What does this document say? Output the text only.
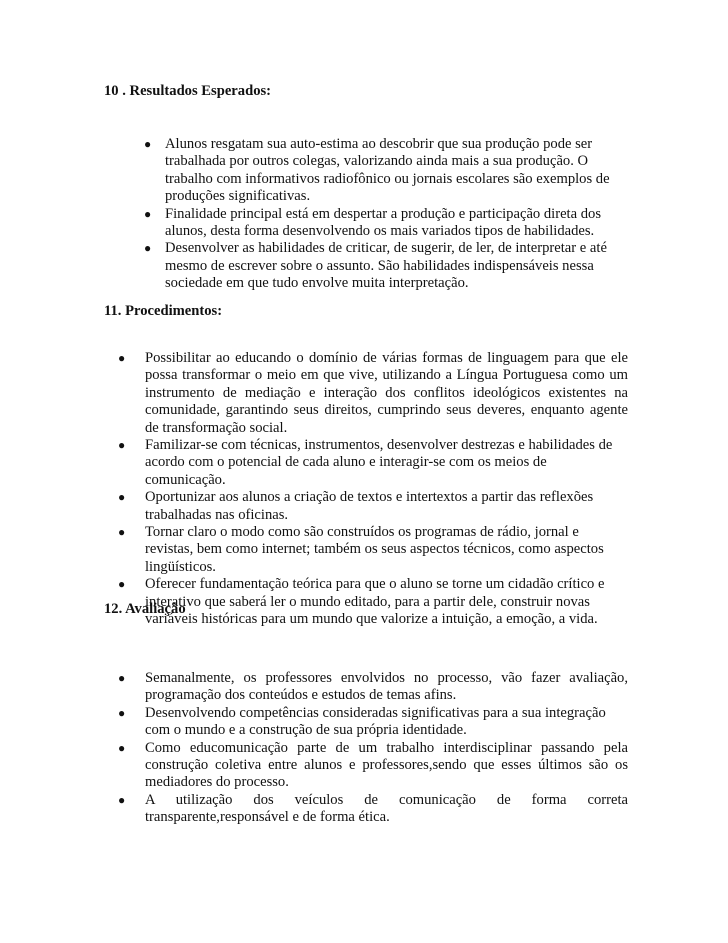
10 . Resultados Esperados:
● Alunos resgatam sua auto-estima ao descobrir que sua produção pode ser trabalhada por outros colegas, valorizando ainda mais a sua produção. O trabalho com informativos radiofônico ou jornais escolares são exemplos de produções significativas.
● Finalidade principal está em despertar a produção e participação direta dos alunos, desta forma desenvolvendo os mais variados tipos de habilidades.
● Desenvolver as habilidades de criticar, de sugerir, de ler, de interpretar e até mesmo de escrever sobre o assunto. São habilidades indispensáveis nessa sociedade em que tudo envolve muita interpretação.
11. Procedimentos:
● Possibilitar ao educando o domínio de várias formas de linguagem para que ele possa transformar o meio em que vive, utilizando a Língua Portuguesa como um instrumento de mediação e interação dos conflitos ideológicos existentes na comunidade, garantindo seus direitos, cumprindo seus deveres, enquanto agente de transformação social.
● Familizar-se com técnicas, instrumentos, desenvolver destrezas e habilidades de acordo com o potencial de cada aluno e interagir-se com os meios de comunicação.
● Oportunizar aos alunos a criação de textos e intertextos a partir das reflexões trabalhadas nas oficinas.
● Tornar claro o modo como são construídos os programas de rádio, jornal e revistas, bem como internet; também os seus aspectos técnicos, como aspectos lingüísticos.
● Oferecer fundamentação teórica para que o aluno se torne um cidadão crítico e interativo que saberá ler o mundo editado, para a partir dele, construir novas variáveis históricas para um mundo que valorize a intuição, a emoção, a vida.
12. Avaliação
● Semanalmente, os professores envolvidos no processo, vão fazer avaliação, programação dos conteúdos e estudos de temas afins.
● Desenvolvendo competências consideradas significativas para a sua integração com o mundo e a construção de sua própria identidade.
● Como educomunicação parte de um trabalho interdisciplinar passando pela construção coletiva entre alunos e professores,sendo que esses últimos são os mediadores do processo.
● A utilização dos veículos de comunicação de forma correta transparente,responsável e de forma ética.
